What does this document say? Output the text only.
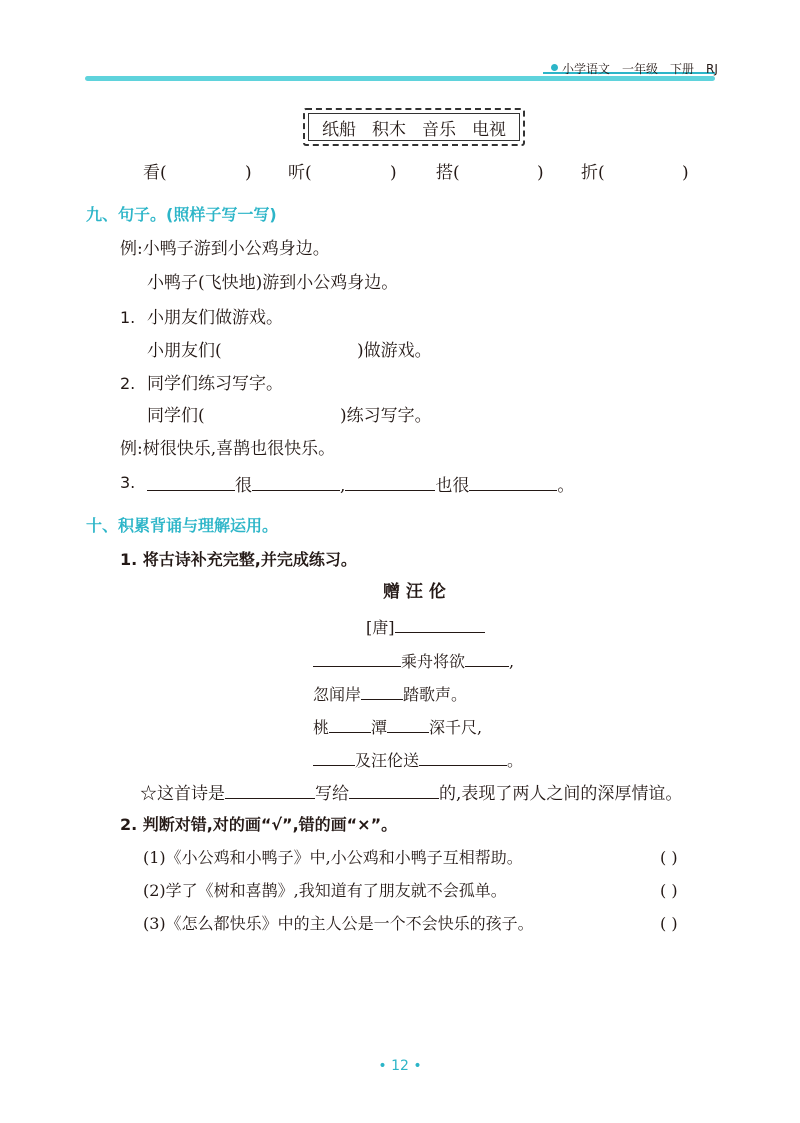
小学语文 一年级 下册 RJ
纸船 积木 音乐 电视
看(	) 听(	) 搭(	) 折(	)
九、句子。(照样子写一写)
例:小鸭子游到小公鸡身边。
小鸭子(飞快地)游到小公鸡身边。
1. 小朋友们做游戏。
小朋友们(	)做游戏。
2. 同学们练习写字。
同学们(	)练习写字。
例:树很快乐,喜鹊也很快乐。
3.	很	,	也很	。
十、积累背诵与理解运用。
1. 将古诗补充完整,并完成练习。
赠 汪 伦
[唐]
乘舟将欲	,
忽闻岸	踏歌声。
桃	潭	深千尺,
及汪伦送	。
☆这首诗是	写给	的,表现了两人之间的深厚情谊。
2. 判断对错,对的画“√”,错的画“×”。
(1)《小公鸡和小鸭子》中,小公鸡和小鸭子互相帮助。	( )
(2)学了《树和喜鹊》,我知道有了朋友就不会孤单。	( )
(3)《怎么都快乐》中的主人公是一个不会快乐的孩子。	( )
• 12 •
